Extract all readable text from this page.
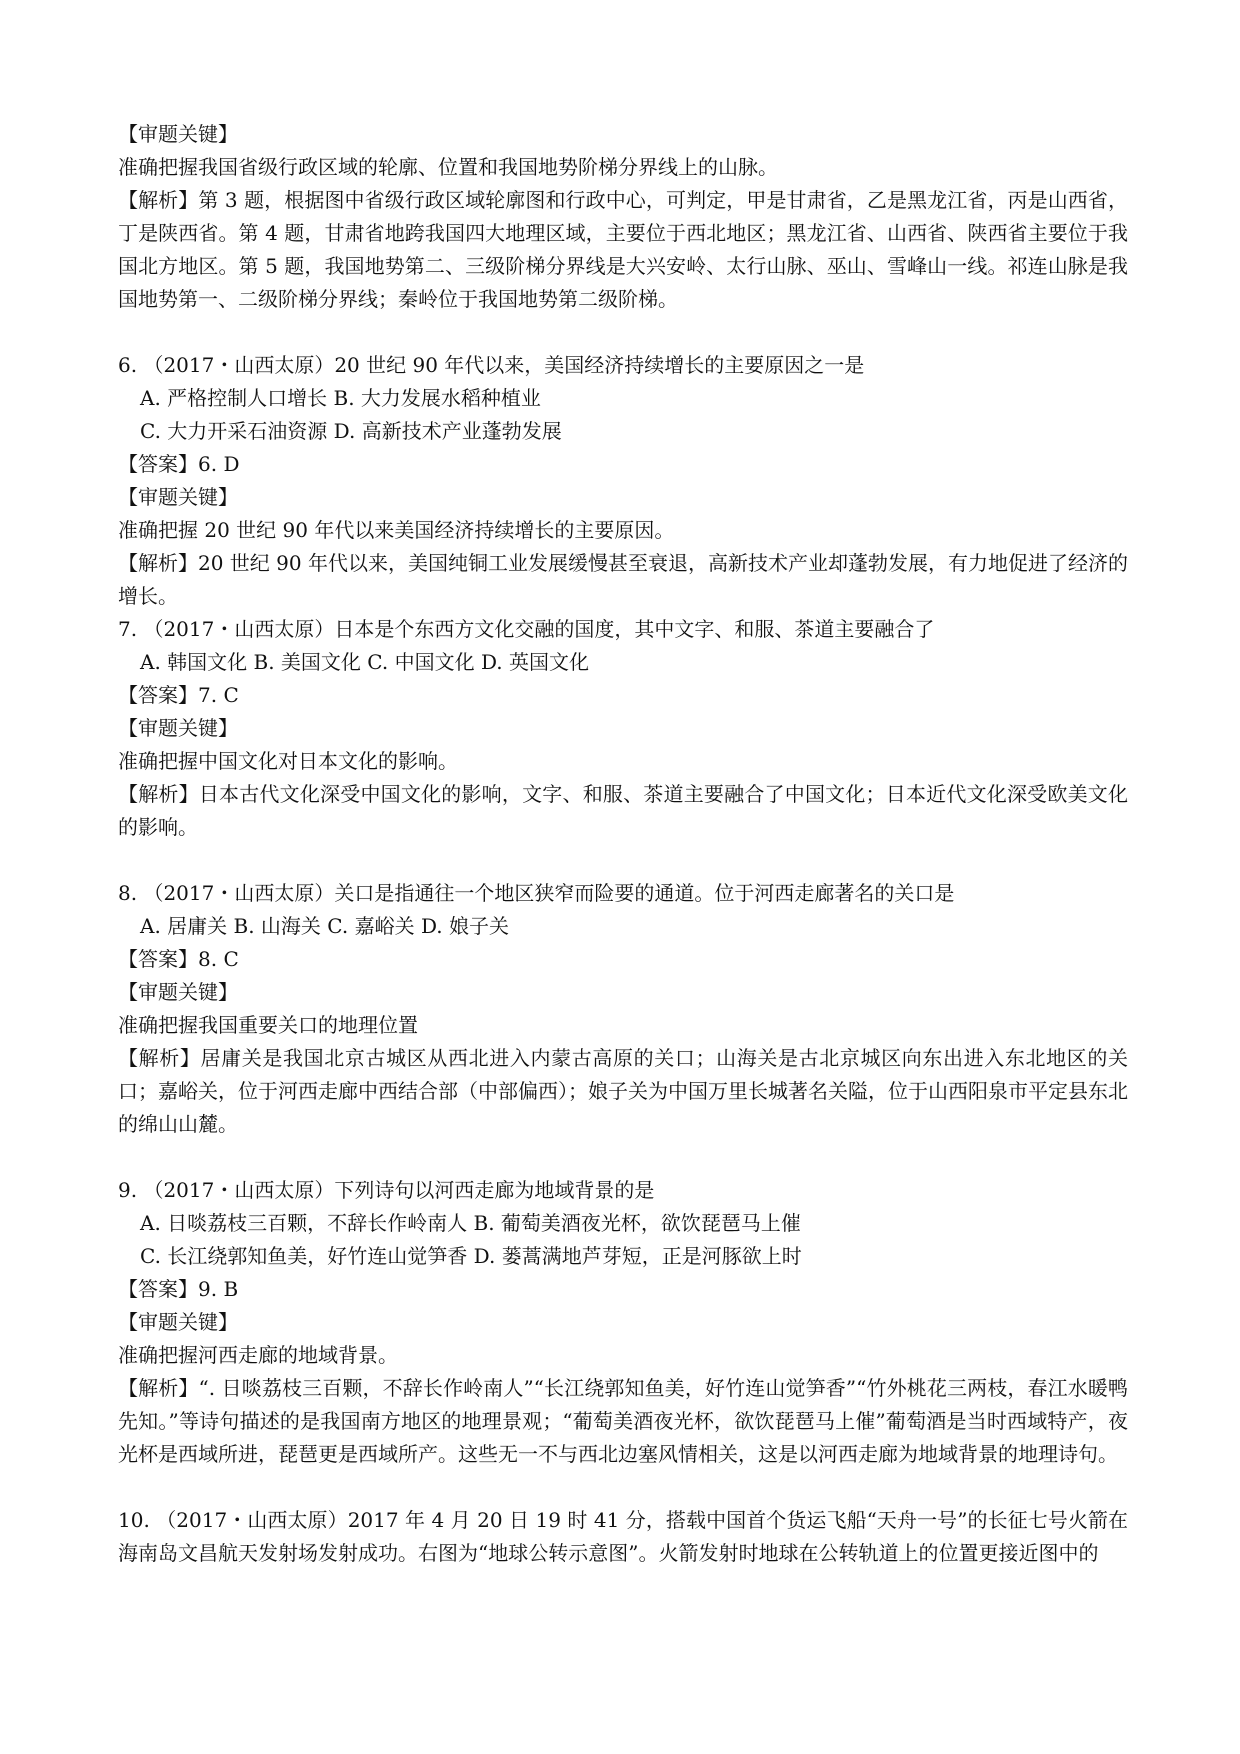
【审题关键】
准确把握我国省级行政区域的轮廓、位置和我国地势阶梯分界线上的山脉。
【解析】第 3 题，根据图中省级行政区域轮廓图和行政中心，可判定，甲是甘肃省，乙是黑龙江省，丙是山西省，丁是陕西省。第 4 题，甘肃省地跨我国四大地理区域，主要位于西北地区；黑龙江省、山西省、陕西省主要位于我国北方地区。第 5 题，我国地势第二、三级阶梯分界线是大兴安岭、太行山脉、巫山、雪峰山一线。祁连山脉是我国地势第一、二级阶梯分界线；秦岭位于我国地势第二级阶梯。
6. （2017・山西太原）20 世纪 90 年代以来，美国经济持续增长的主要原因之一是
A. 严格控制人口增长 B. 大力发展水稻种植业
C. 大力开采石油资源 D. 高新技术产业蓬勃发展
【答案】6. D
【审题关键】
准确把握 20 世纪 90 年代以来美国经济持续增长的主要原因。
【解析】20 世纪 90 年代以来，美国纯铜工业发展缓慢甚至衰退，高新技术产业却蓬勃发展，有力地促进了经济的增长。
7. （2017・山西太原）日本是个东西方文化交融的国度，其中文字、和服、茶道主要融合了
A. 韩国文化 B. 美国文化 C. 中国文化 D. 英国文化
【答案】7. C
【审题关键】
准确把握中国文化对日本文化的影响。
【解析】日本古代文化深受中国文化的影响，文字、和服、茶道主要融合了中国文化；日本近代文化深受欧美文化的影响。
8. （2017・山西太原）关口是指通往一个地区狭窄而险要的通道。位于河西走廊著名的关口是
A. 居庸关 B. 山海关 C. 嘉峪关 D. 娘子关
【答案】8. C
【审题关键】
准确把握我国重要关口的地理位置
【解析】居庸关是我国北京古城区从西北进入内蒙古高原的关口；山海关是古北京城区向东出进入东北地区的关口；嘉峪关，位于河西走廊中西结合部（中部偏西）；娘子关为中国万里长城著名关隘，位于山西阳泉市平定县东北的绵山山麓。
9. （2017・山西太原）下列诗句以河西走廊为地域背景的是
A. 日啖荔枝三百颗，不辞长作岭南人 B. 葡萄美酒夜光杯，欲饮琵琶马上催
C. 长江绕郭知鱼美，好竹连山觉笋香 D. 蒌蒿满地芦芽短，正是河豚欲上时
【答案】9. B
【审题关键】
准确把握河西走廊的地域背景。
【解析】“. 日啖荔枝三百颗，不辞长作岭南人”“长江绕郭知鱼美，好竹连山觉笋香”“竹外桃花三两枝，春江水暖鸭先知。”等诗句描述的是我国南方地区的地理景观；“葡萄美酒夜光杯，欲饮琵琶马上催”葡萄酒是当时西域特产，夜光杯是西域所进，琵琶更是西域所产。这些无一不与西北边塞风情相关，这是以河西走廊为地域背景的地理诗句。
10. （2017・山西太原）2017 年 4 月 20 日 19 时 41 分，搭载中国首个货运飞船“天舟一号”的长征七号火箭在海南岛文昌航天发射场发射成功。右图为“地球公转示意图”。火箭发射时地球在公转轨道上的位置更接近图中的
